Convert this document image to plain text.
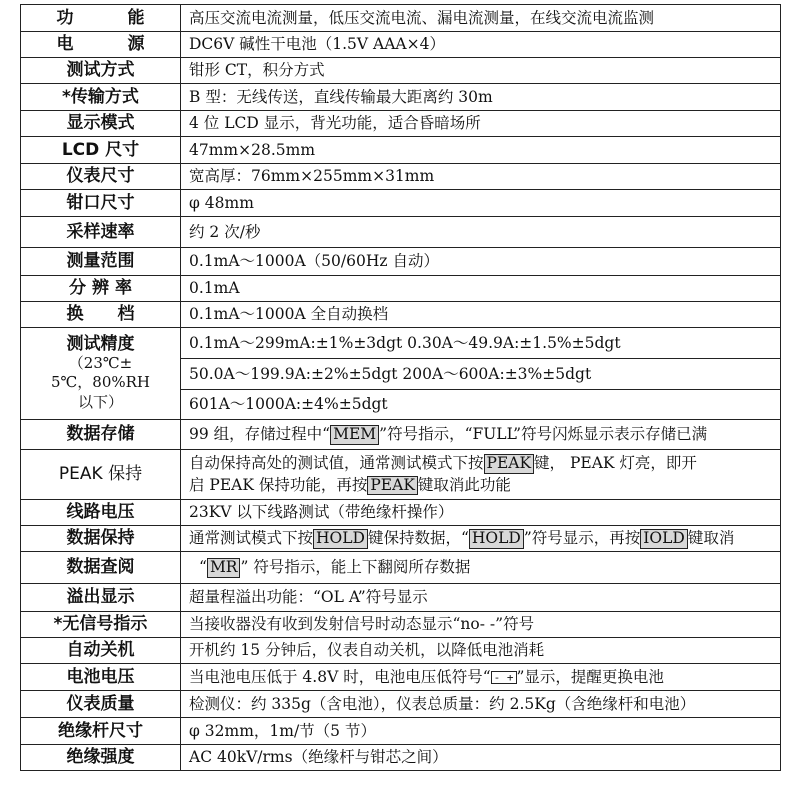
功 能	高压交流电流测量，低压交流电流、漏电流测量，在线交流电流监测
电 源	DC6V 碱性干电池（1.5V AAA×4）
测试方式	钳形 CT，积分方式
*传输方式	B 型：无线传送，直线传输最大距离约 30m
显示模式	4 位 LCD 显示，背光功能，适合昏暗场所
LCD 尺寸	47mm×28.5mm
仪表尺寸	宽高厚：76mm×255mm×31mm
钳口尺寸	φ 48mm
采样速率	约 2 次/秒
测量范围	0.1mA～1000A（50/60Hz 自动）
分辨率	0.1mA
换档	0.1mA～1000A 全自动换档
测试精度
（23℃±
5℃，80%RH
以下）	0.1mA～299mA:±1%±3dgt 0.30A～49.9A:±1.5%±5dgt
	50.0A～199.9A:±2%±5dgt 200A～600A:±3%±5dgt
	601A～1000A:±4%±5dgt
数据存储	99 组，存储过程中“ MEM ”符号指示，“FULL”符号闪烁显示表示存储已满
PEAK 保持	自动保持高处的测试值，通常测试模式下按 PEAK 键， PEAK 灯亮，即开
启 PEAK 保持功能，再按 PEAK 键取消此功能
线路电压	23KV 以下线路测试（带绝缘杆操作）
数据保持	通常测试模式下按 HOLD键保持数据，“ HOLD ”符号显示，再按 IOLD 键取消
数据查阅	“ MR ” 符号指示，能上下翻阅所存数据
溢出显示	超量程溢出功能：“OL A”符号显示
*无信号指示	当接收器没有收到发射信号时动态显示“no- -”符号
自动关机	开机约 15 分钟后，仪表自动关机，以降低电池消耗
电池电压	当电池电压低于 4.8V 时，电池电压低符号“ - + ”显示，提醒更换电池
仪表质量	检测仪：约 335g（含电池），仪表总质量：约 2.5Kg（含绝缘杆和电池）
绝缘杆尺寸	φ 32mm，1m/节（5 节）
绝缘强度	AC 40kV/rms（绝缘杆与钳芯之间）
